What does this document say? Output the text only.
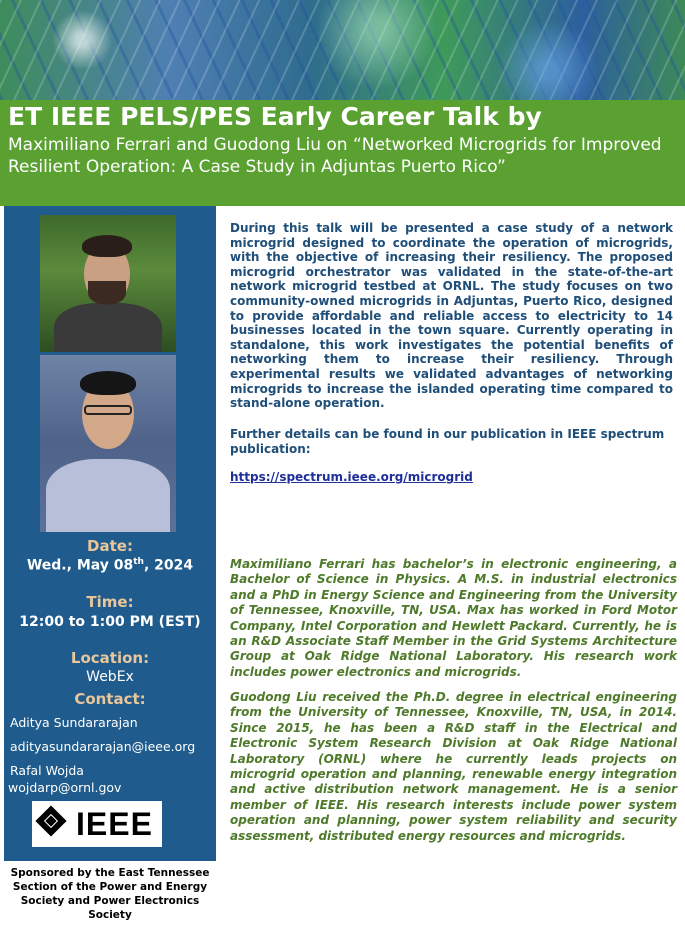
ET IEEE PELS/PES Early Career Talk by
Maximiliano Ferrari and Guodong Liu on “Networked Microgrids for Improved Resilient Operation: A Case Study in Adjuntas Puerto Rico”
Date:
Wed., May 08th, 2024
Time:
12:00 to 1:00 PM (EST)
Location:
WebEx
Contact:
Aditya Sundararajan
adityasundararajan@ieee.org
Rafal Wojda
wojdarp@ornl.gov
IEEE
Sponsored by the East Tennessee Section of the Power and Energy Society and Power Electronics Society

During this talk will be presented a case study of a network microgrid designed to coordinate the operation of microgrids, with the objective of increasing their resiliency. The proposed microgrid orchestrator was validated in the state-of-the-art network microgrid testbed at ORNL. The study focuses on two community-owned microgrids in Adjuntas, Puerto Rico, designed to provide affordable and reliable access to electricity to 14 businesses located in the town square. Currently operating in standalone, this work investigates the potential benefits of networking them to increase their resiliency. Through experimental results we validated advantages of networking microgrids to increase the islanded operating time compared to stand-alone operation.

Further details can be found in our publication in IEEE spectrum publication:

https://spectrum.ieee.org/microgrid

Maximiliano Ferrari has bachelor’s in electronic engineering, a Bachelor of Science in Physics. A M.S. in industrial electronics and a PhD in Energy Science and Engineering from the University of Tennessee, Knoxville, TN, USA. Max has worked in Ford Motor Company, Intel Corporation and Hewlett Packard. Currently, he is an R&D Associate Staff Member in the Grid Systems Architecture Group at Oak Ridge National Laboratory. His research work includes power electronics and microgrids.

Guodong Liu received the Ph.D. degree in electrical engineering from the University of Tennessee, Knoxville, TN, USA, in 2014. Since 2015, he has been a R&D staff in the Electrical and Electronic System Research Division at Oak Ridge National Laboratory (ORNL) where he currently leads projects on microgrid operation and planning, renewable energy integration and active distribution network management. He is a senior member of IEEE. His research interests include power system operation and planning, power system reliability and security assessment, distributed energy resources and microgrids.
